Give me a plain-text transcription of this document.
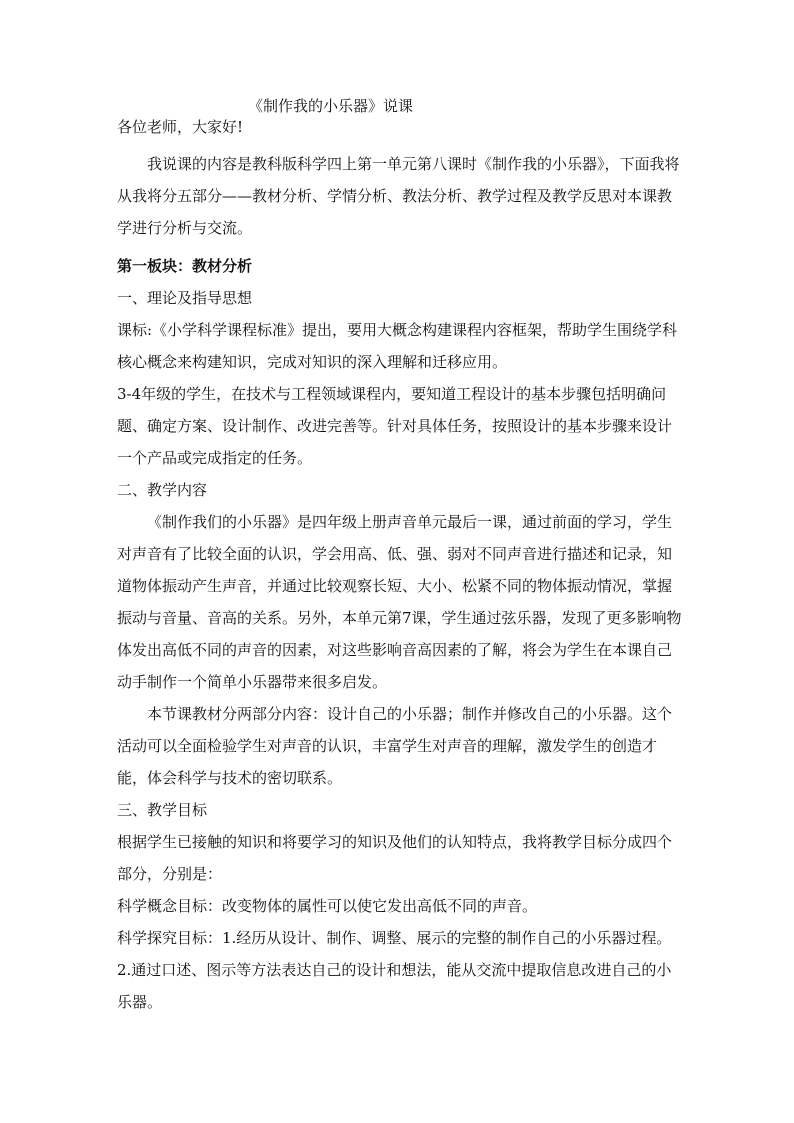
《制作我的小乐器》说课

各位老师，大家好!

我说课的内容是教科版科学四上第一单元第八课时《制作我的小乐器》，下面我将从我将分五部分——教材分析、学情分析、教法分析、教学过程及教学反思对本课教学进行分析与交流。

第一板块：教材分析

一、理论及指导思想

课标:《小学科学课程标准》提出，要用大概念构建课程内容框架，帮助学生围绕学科核心概念来构建知识，完成对知识的深入理解和迁移应用。

3-4年级的学生，在技术与工程领域课程内，要知道工程设计的基本步骤包括明确问题、确定方案、设计制作、改进完善等。针对具体任务，按照设计的基本步骤来设计一个产品或完成指定的任务。

二、教学内容

《制作我们的小乐器》是四年级上册声音单元最后一课，通过前面的学习，学生对声音有了比较全面的认识，学会用高、低、强、弱对不同声音进行描述和记录，知道物体振动产生声音，并通过比较观察长短、大小、松紧不同的物体振动情况，掌握振动与音量、音高的关系。另外，本单元第7课，学生通过弦乐器，发现了更多影响物体发出高低不同的声音的因素，对这些影响音高因素的了解，将会为学生在本课自己动手制作一个简单小乐器带来很多启发。

本节课教材分两部分内容：设计自己的小乐器；制作并修改自己的小乐器。这个活动可以全面检验学生对声音的认识，丰富学生对声音的理解，激发学生的创造才能，体会科学与技术的密切联系。

三、教学目标

根据学生已接触的知识和将要学习的知识及他们的认知特点，我将教学目标分成四个部分，分别是：

科学概念目标：改变物体的属性可以使它发出高低不同的声音。

科学探究目标：1.经历从设计、制作、调整、展示的完整的制作自己的小乐器过程。

2.通过口述、图示等方法表达自己的设计和想法，能从交流中提取信息改进自己的小乐器。
